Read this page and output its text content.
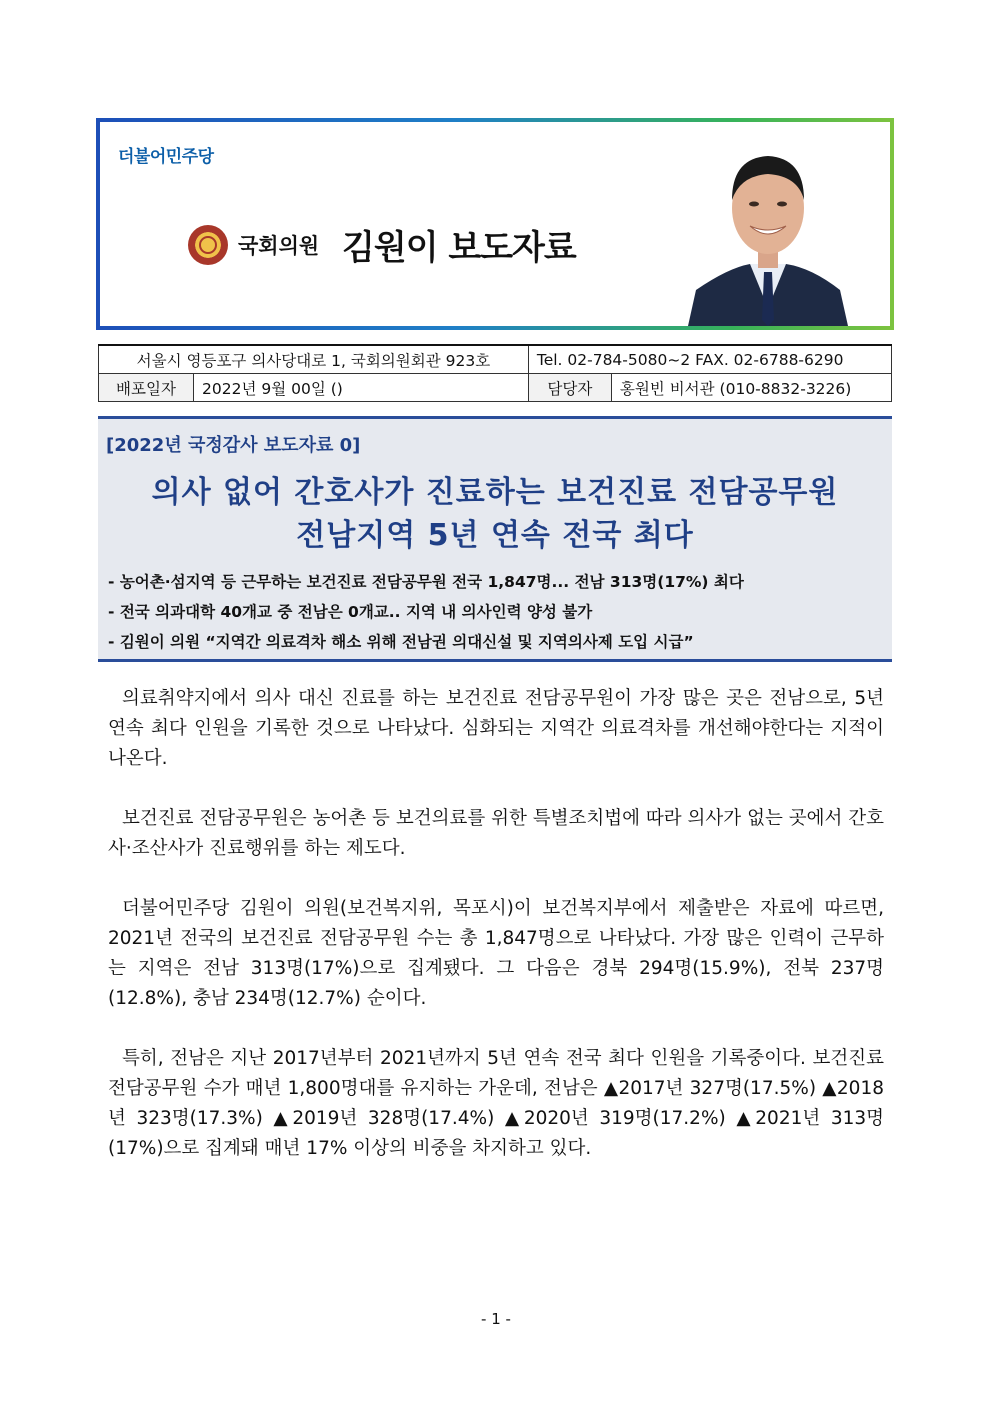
더불어민주당
국회의원 김원이 보도자료
서울시 영등포구 의사당대로 1, 국회의원회관 923호		Tel. 02-784-5080~2 FAX. 02-6788-6290	
배포일자	2022년 9월 00일 ()	담당자	홍원빈 비서관 (010-8832-3226)
[2022년 국정감사 보도자료 0]
의사 없어 간호사가 진료하는 보건진료 전담공무원
전남지역 5년 연속 전국 최다
- 농어촌·섬지역 등 근무하는 보건진료 전담공무원 전국 1,847명... 전남 313명(17%) 최다
- 전국 의과대학 40개교 중 전남은 0개교.. 지역 내 의사인력 양성 불가
- 김원이 의원 “지역간 의료격차 해소 위해 전남권 의대신설 및 지역의사제 도입 시급”

의료취약지에서 의사 대신 진료를 하는 보건진료 전담공무원이 가장 많은 곳은 전남으로, 5년 연속 최다 인원을 기록한 것으로 나타났다. 심화되는 지역간 의료격차를 개선해야한다는 지적이 나온다.

보건진료 전담공무원은 농어촌 등 보건의료를 위한 특별조치법에 따라 의사가 없는 곳에서 간호사·조산사가 진료행위를 하는 제도다.

더불어민주당 김원이 의원(보건복지위, 목포시)이 보건복지부에서 제출받은 자료에 따르면, 2021년 전국의 보건진료 전담공무원 수는 총 1,847명으로 나타났다. 가장 많은 인력이 근무하는 지역은 전남 313명(17%)으로 집계됐다. 그 다음은 경북 294명(15.9%), 전북 237명(12.8%), 충남 234명(12.7%) 순이다.

특히, 전남은 지난 2017년부터 2021년까지 5년 연속 전국 최다 인원을 기록중이다. 보건진료 전담공무원 수가 매년 1,800명대를 유지하는 가운데, 전남은 ▲2017년 327명(17.5%) ▲2018년 323명(17.3%) ▲2019년 328명(17.4%) ▲2020년 319명(17.2%) ▲2021년 313명(17%)으로 집계돼 매년 17% 이상의 비중을 차지하고 있다.

- 1 -
